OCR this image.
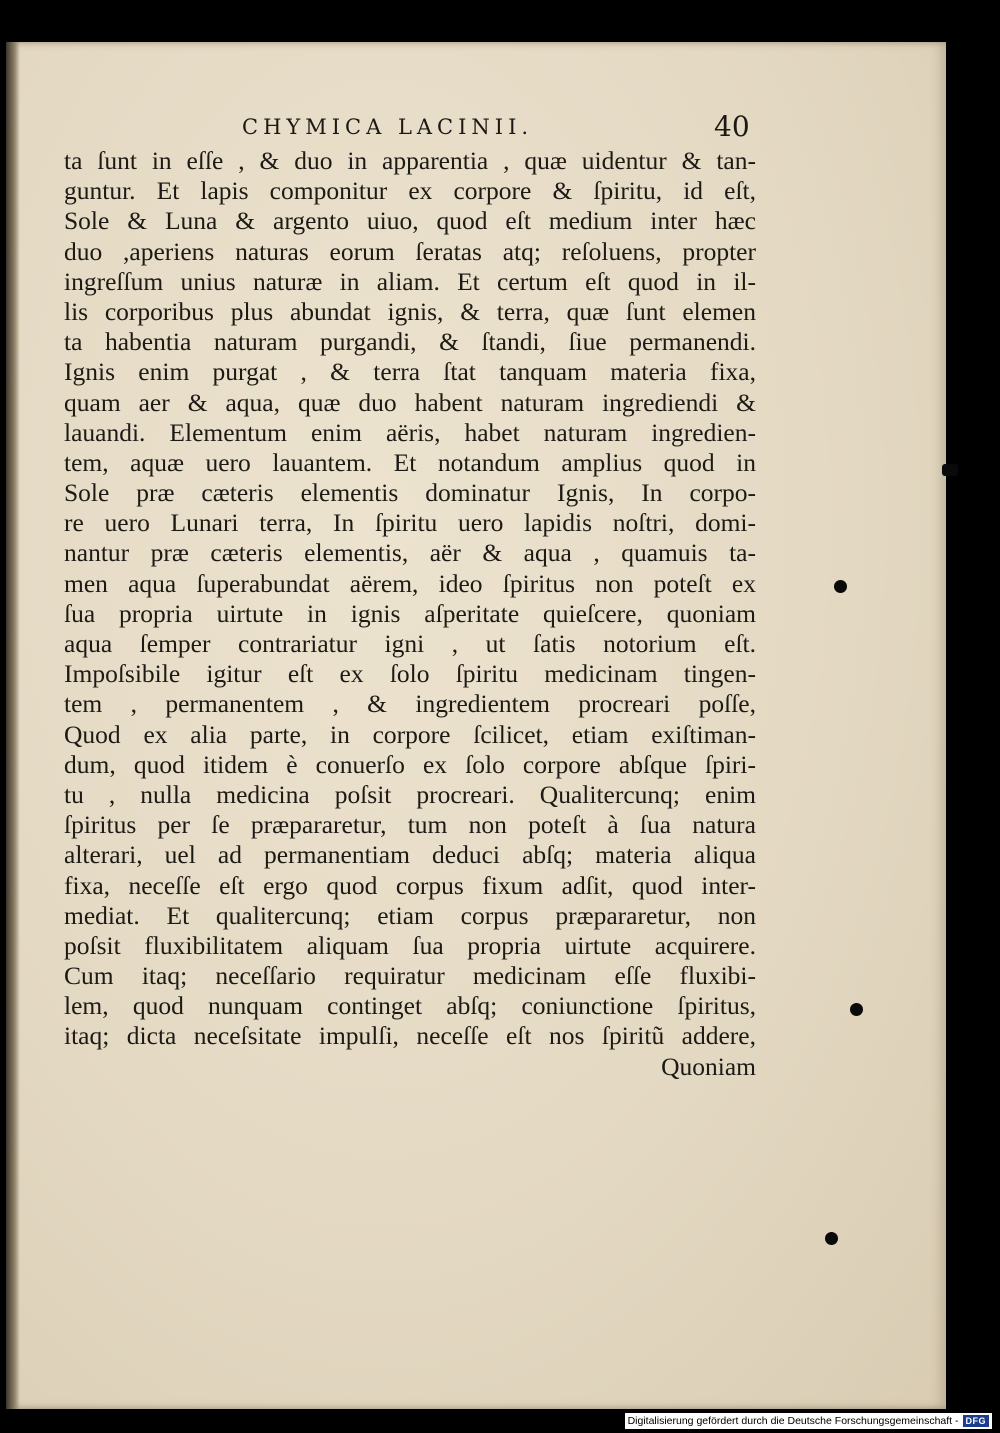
CHYMICA LACINII.	40
ta ſunt in eſſe , & duo in apparentia , quæ uidentur & tan-
guntur. Et lapis componitur ex corpore & ſpiritu, id eſt,
Sole & Luna & argento uiuo, quod eſt medium inter hæc
duo ,aperiens naturas eorum ſeratas atq; reſoluens, propter
ingreſſum unius naturæ in aliam. Et certum eſt quod in il-
lis corporibus plus abundat ignis, & terra, quæ ſunt elemen
ta habentia naturam purgandi, & ſtandi, ſiue permanendi.
Ignis enim purgat , & terra ſtat tanquam materia fixa,
quam aer & aqua, quæ duo habent naturam ingrediendi &
lauandi. Elementum enim aëris, habet naturam ingredien-
tem, aquæ uero lauantem. Et notandum amplius quod in
Sole præ cæteris elementis dominatur Ignis, In corpo-
re uero Lunari terra, In ſpiritu uero lapidis noſtri, domi-
nantur præ cæteris elementis, aër & aqua , quamuis ta-
men aqua ſuperabundat aërem, ideo ſpiritus non poteſt ex
ſua propria uirtute in ignis aſperitate quieſcere, quoniam
aqua ſemper contrariatur igni , ut ſatis notorium eſt.
Impoſsibile igitur eſt ex ſolo ſpiritu medicinam tingen-
tem , permanentem , & ingredientem procreari poſſe,
Quod ex alia parte, in corpore ſcilicet, etiam exiſtiman-
dum, quod itidem è conuerſo ex ſolo corpore abſque ſpiri-
tu , nulla medicina poſsit procreari. Qualitercunq; enim
ſpiritus per ſe præpararetur, tum non poteſt à ſua natura
alterari, uel ad permanentiam deduci abſq; materia aliqua
fixa, neceſſe eſt ergo quod corpus fixum adſit, quod inter-
mediat. Et qualitercunq; etiam corpus præpararetur, non
poſsit fluxibilitatem aliquam ſua propria uirtute acquirere.
Cum itaq; neceſſario requiratur medicinam eſſe fluxibi-
lem, quod nunquam continget abſq; coniunctione ſpiritus,
itaq; dicta neceſsitate impulſi, neceſſe eſt nos ſpiritũ addere,
Quoniam
Digitalisierung gefördert durch die Deutsche Forschungsgemeinschaft - DFG
